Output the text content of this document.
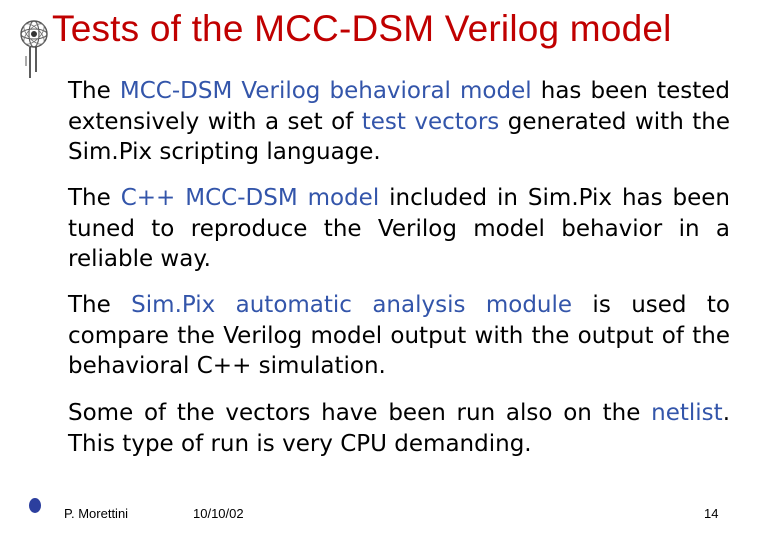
Tests of the MCC-DSM Verilog model
The MCC-DSM Verilog behavioral model has been tested extensively with a set of test vectors generated with the Sim.Pix scripting language.
The C++ MCC-DSM model included in Sim.Pix has been tuned to reproduce the Verilog model behavior in a reliable way.
The Sim.Pix automatic analysis module is used to compare the Verilog model output with the output of the behavioral C++ simulation.
Some of the vectors have been run also on the netlist. This type of run is very CPU demanding.
P. Morettini	10/10/02	14
